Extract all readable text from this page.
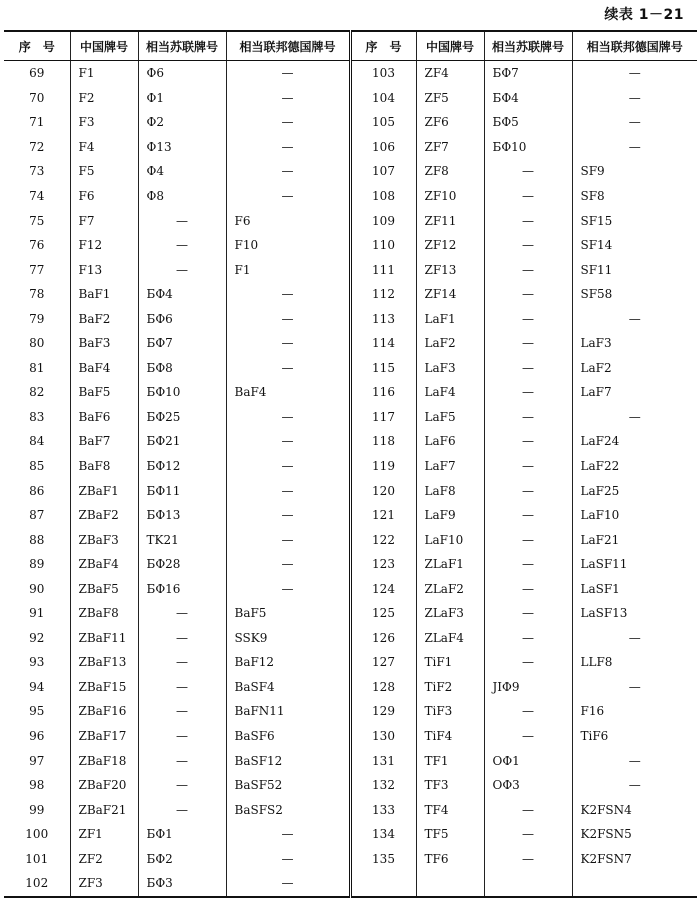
续表 1－21
序　号	中国牌号	相当苏联牌号	相当联邦德国牌号	序　号	中国牌号	相当苏联牌号	相当联邦德国牌号
69	F1	Φ6	—	103	ZF4	БΦ7	—
70	F2	Φ1	—	104	ZF5	БΦ4	—
71	F3	Φ2	—	105	ZF6	БΦ5	—
72	F4	Φ13	—	106	ZF7	БΦ10	—
73	F5	Φ4	—	107	ZF8	—	SF9
74	F6	Φ8	—	108	ZF10	—	SF8
75	F7	—	F6	109	ZF11	—	SF15
76	F12	—	F10	110	ZF12	—	SF14
77	F13	—	F1	111	ZF13	—	SF11
78	BaF1	БΦ4	—	112	ZF14	—	SF58
79	BaF2	БΦ6	—	113	LaF1	—	—
80	BaF3	БΦ7	—	114	LaF2	—	LaF3
81	BaF4	БΦ8	—	115	LaF3	—	LaF2
82	BaF5	БΦ10	BaF4	116	LaF4	—	LaF7
83	BaF6	БΦ25	—	117	LaF5	—	—
84	BaF7	БΦ21	—	118	LaF6	—	LaF24
85	BaF8	БΦ12	—	119	LaF7	—	LaF22
86	ZBaF1	БΦ11	—	120	LaF8	—	LaF25
87	ZBaF2	БΦ13	—	121	LaF9	—	LaF10
88	ZBaF3	TK21	—	122	LaF10	—	LaF21
89	ZBaF4	БΦ28	—	123	ZLaF1	—	LaSF11
90	ZBaF5	БΦ16	—	124	ZLaF2	—	LaSF1
91	ZBaF8	—	BaF5	125	ZLaF3	—	LaSF13
92	ZBaF11	—	SSK9	126	ZLaF4	—	—
93	ZBaF13	—	BaF12	127	TiF1	—	LLF8
94	ZBaF15	—	BaSF4	128	TiF2	JIΦ9	—
95	ZBaF16	—	BaFN11	129	TiF3	—	F16
96	ZBaF17	—	BaSF6	130	TiF4	—	TiF6
97	ZBaF18	—	BaSF12	131	TF1	OΦ1	—
98	ZBaF20	—	BaSF52	132	TF3	OΦ3	—
99	ZBaF21	—	BaSFS2	133	TF4	—	K2FSN4
100	ZF1	БΦ1	—	134	TF5	—	K2FSN5
101	ZF2	БΦ2	—	135	TF6	—	K2FSN7
102	ZF3	БΦ3	—				
